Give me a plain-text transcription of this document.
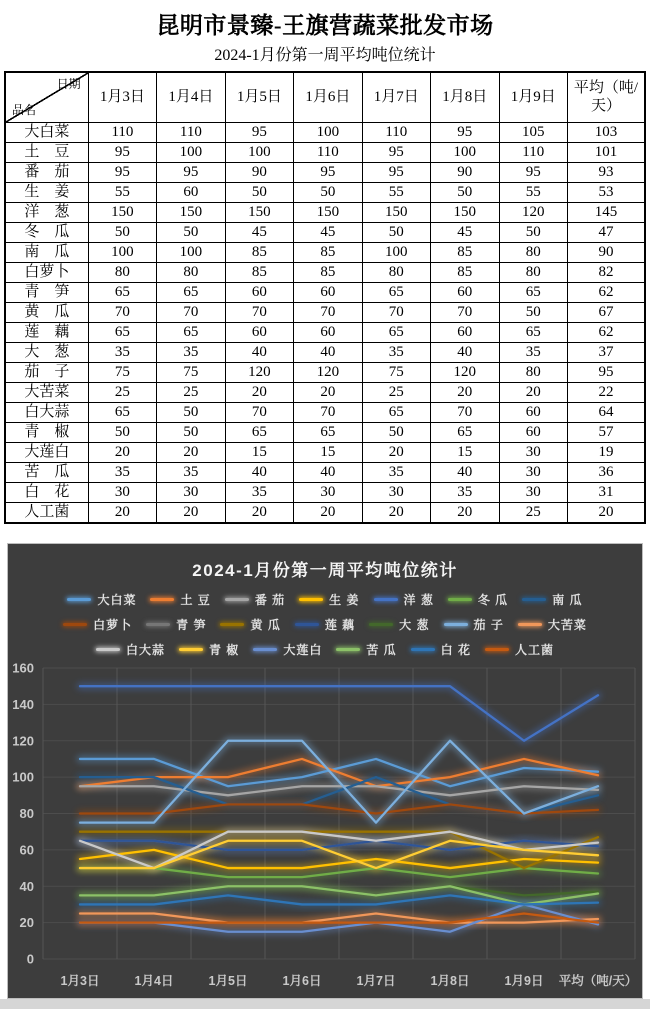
昆明市景臻-王旗营蔬菜批发市场
2024-1月份第一周平均吨位统计
日期
品名	1月3日	1月4日	1月5日	1月6日	1月7日	1月8日	1月9日	平均（吨/天）
大白菜	110	110	95	100	110	95	105	103
土豆	95	100	100	110	95	100	110	101
番茄	95	95	90	95	95	90	95	93
生姜	55	60	50	50	55	50	55	53
洋葱	150	150	150	150	150	150	120	145
冬瓜	50	50	45	45	50	45	50	47
南瓜	100	100	85	85	100	85	80	90
白萝卜	80	80	85	85	80	85	80	82
青笋	65	65	60	60	65	60	65	62
黄瓜	70	70	70	70	70	70	50	67
莲藕	65	65	60	60	65	60	65	62
大葱	35	35	40	40	35	40	35	37
茄子	75	75	120	120	75	120	80	95
大苦菜	25	25	20	20	25	20	20	22
白大蒜	65	50	70	70	65	70	60	64
青椒	50	50	65	65	50	65	60	57
大莲白	20	20	15	15	20	15	30	19
苦瓜	35	35	40	40	35	40	30	36
白花	30	30	35	30	30	35	30	31
人工菌	20	20	20	20	20	20	25	20
2024-1月份第一周平均吨位统计
大白菜	土 豆	番 茄	生 姜	洋 葱	冬 瓜	南 瓜
白萝卜	青 笋	黄 瓜	莲 藕	大 葱	茄 子	大苦菜
白大蒜	青 椒	大莲白	苦 瓜	白 花	人工菌
0
20
40
60
80
100
120
140
160
1月3日	1月4日	1月5日	1月6日	1月7日	1月8日	1月9日 平均（吨/天）
